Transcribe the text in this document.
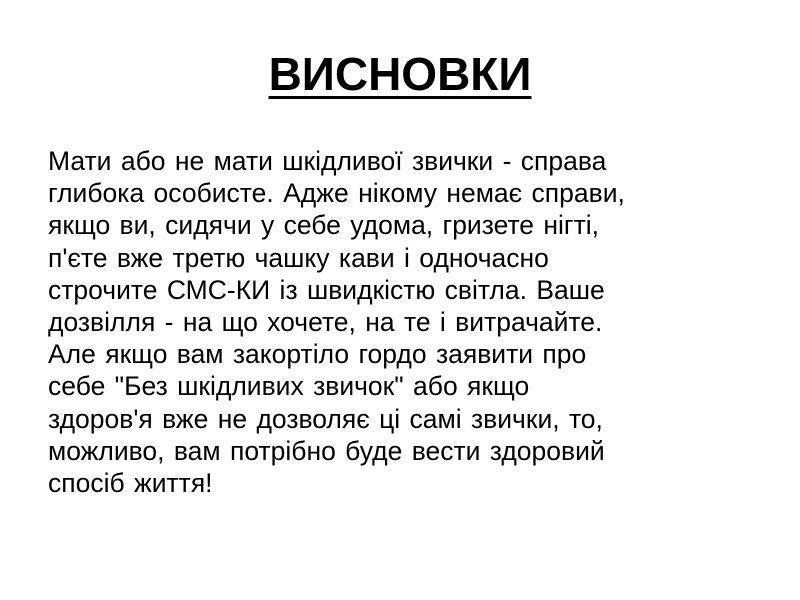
ВИСНОВКИ

Мати або не мати шкідливої звички - справа
глибока особисте. Адже нікому немає справи,
якщо ви, сидячи у себе удома, гризете нігті,
п'єте вже третю чашку кави і одночасно
строчите СМС-КИ із швидкістю світла. Ваше
дозвілля - на що хочете, на те і витрачайте.
Але якщо вам закортіло гордо заявити про
себе "Без шкідливих звичок" або якщо
здоров'я вже не дозволяє ці самі звички, то,
можливо, вам потрібно буде вести здоровий
спосіб життя!
